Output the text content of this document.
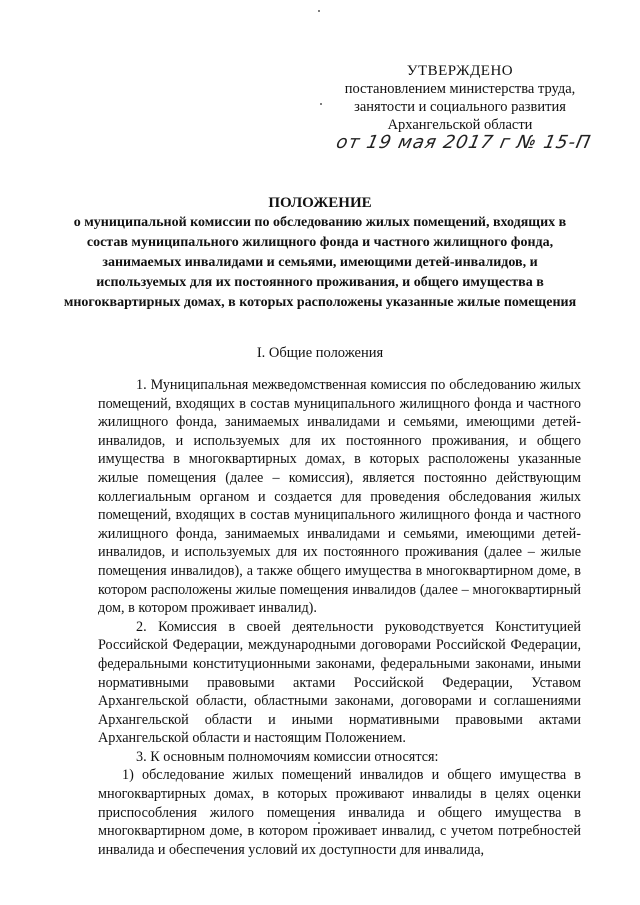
УТВЕРЖДЕНО
постановлением министерства труда,
занятости и социального развития
Архангельской области
от 19 мая 2017 г № 15-П
ПОЛОЖЕНИЕ
о муниципальной комиссии по обследованию жилых помещений, входящих в состав муниципального жилищного фонда и частного жилищного фонда, занимаемых инвалидами и семьями, имеющими детей-инвалидов, и используемых для их постоянного проживания, и общего имущества в многоквартирных домах, в которых расположены указанные жилые помещения
I. Общие положения

1. Муниципальная межведомственная комиссия по обследованию жилых помещений, входящих в состав муниципального жилищного фонда и частного жилищного фонда, занимаемых инвалидами и семьями, имеющими детей-инвалидов, и используемых для их постоянного проживания, и общего имущества в многоквартирных домах, в которых расположены указанные жилые помещения (далее – комиссия), является постоянно действующим коллегиальным органом и создается для проведения обследования жилых помещений, входящих в состав муниципального жилищного фонда и частного жилищного фонда, занимаемых инвалидами и семьями, имеющими детей-инвалидов, и используемых для их постоянного проживания (далее – жилые помещения инвалидов), а также общего имущества в многоквартирном доме, в котором расположены жилые помещения инвалидов (далее – многоквартирный дом, в котором проживает инвалид).

2. Комиссия в своей деятельности руководствуется Конституцией Российской Федерации, международными договорами Российской Федерации, федеральными конституционными законами, федеральными законами, иными нормативными правовыми актами Российской Федерации, Уставом Архангельской области, областными законами, договорами и соглашениями Архангельской области и иными нормативными правовыми актами Архангельской области и настоящим Положением.

3. К основным полномочиям комиссии относятся:

1) обследование жилых помещений инвалидов и общего имущества в многоквартирных домах, в которых проживают инвалиды в целях оценки приспособления жилого помещения инвалида и общего имущества в многоквартирном доме, в котором проживает инвалид, с учетом потребностей инвалида и обеспечения условий их доступности для инвалида,
